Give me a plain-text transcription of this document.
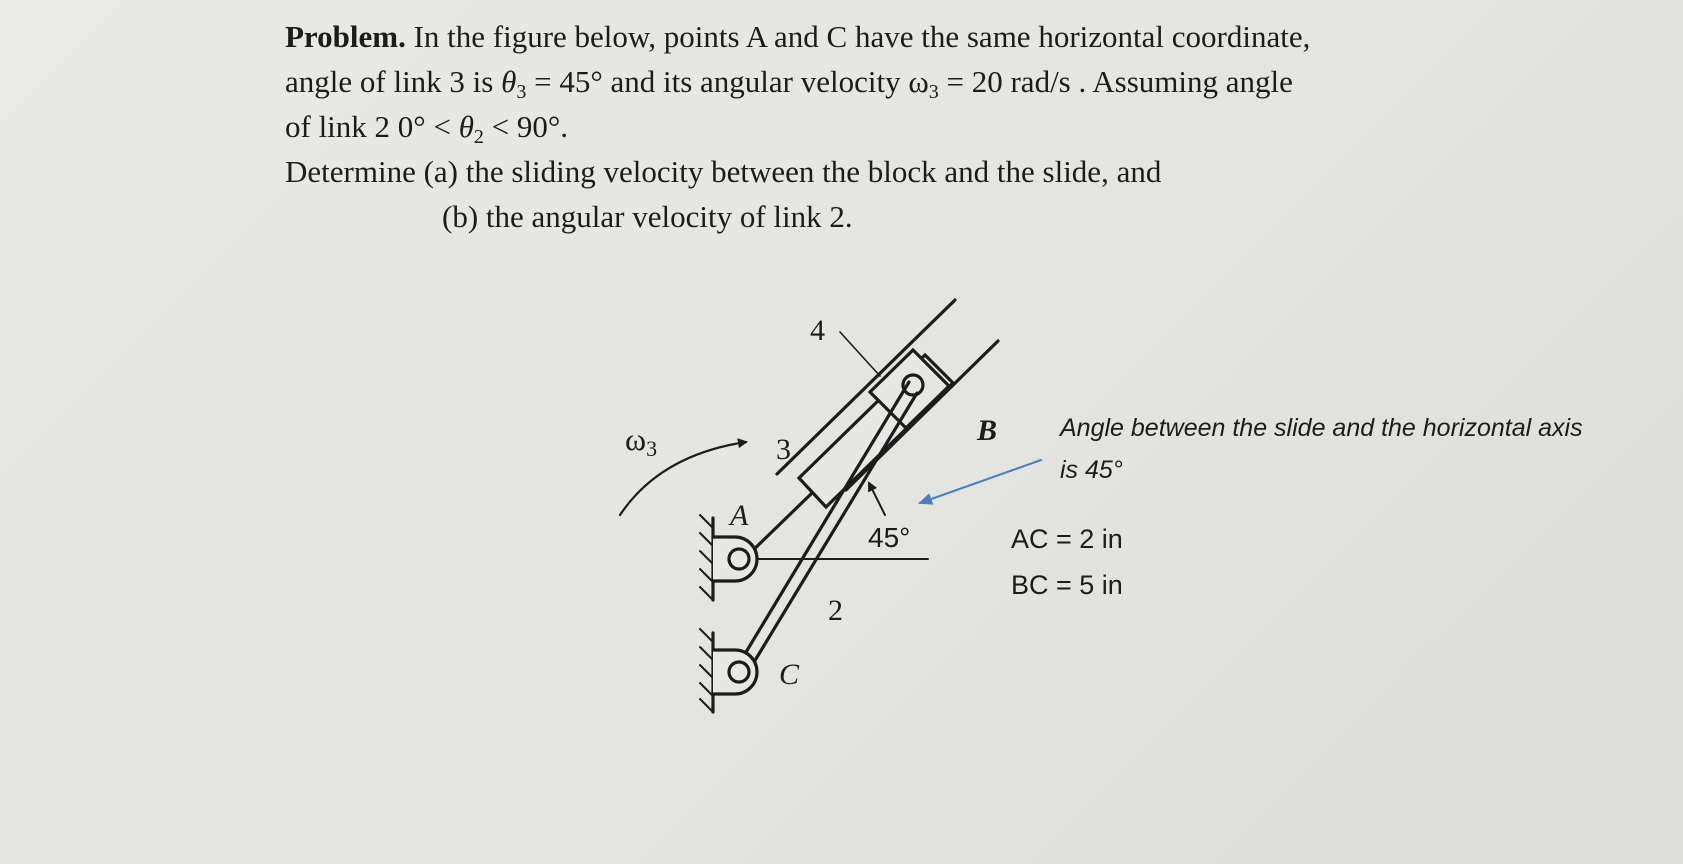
Problem. In the figure below, points A and C have the same horizontal coordinate,
angle of link 3 is $\theta_3 = 45^\circ$ and its angular velocity $\omega_3 = 20$ rad/s . Assuming angle
of link 2 $0^\circ < \theta_2 < 90^\circ$.
Determine (a) the sliding velocity between the block and the slide, and
(b) the angular velocity of link 2.
4
3
2
A
B
C
ω3
45°
Angle between the slide and the horizontal axis
is 45°
AC = 2 in
BC = 5 in
